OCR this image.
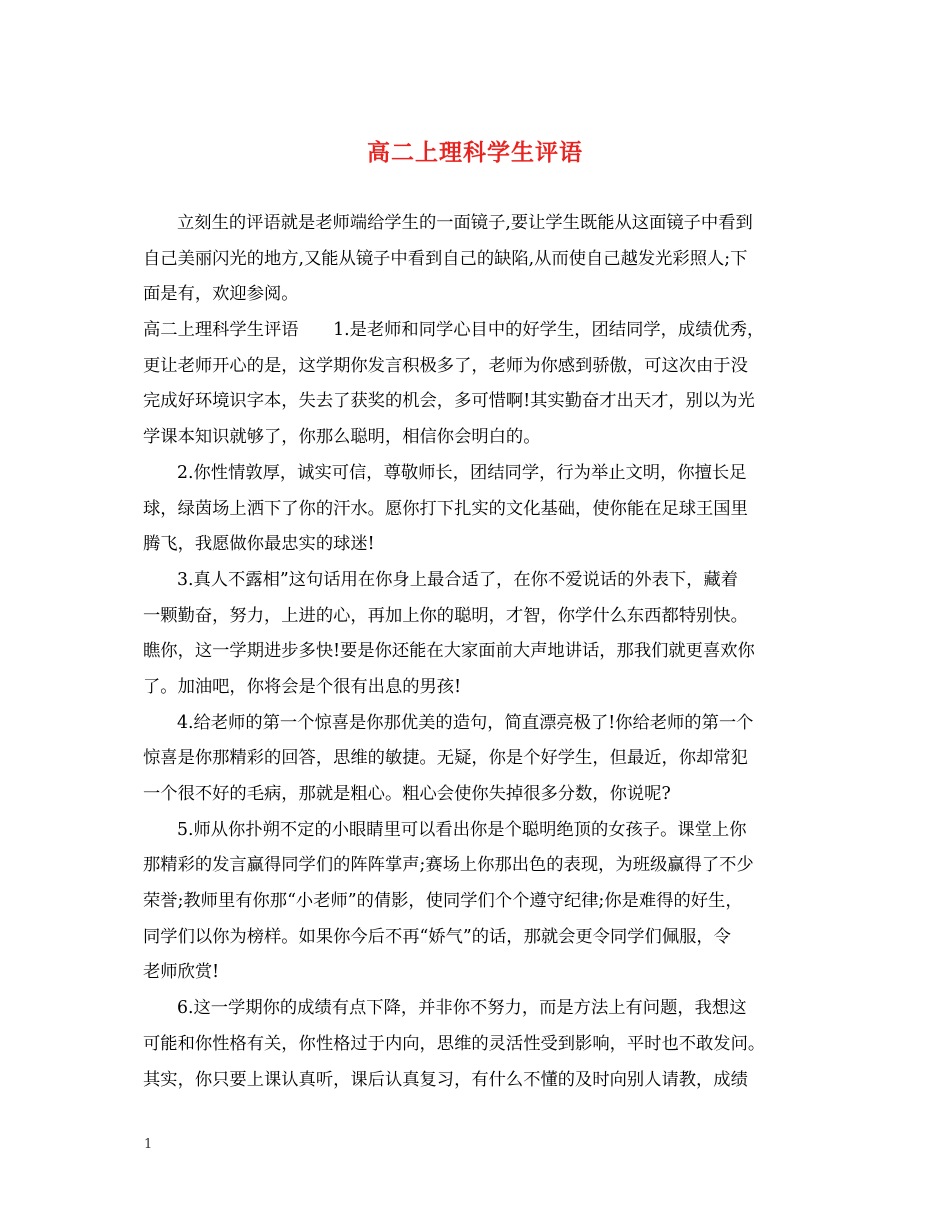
高二上理科学生评语
立刻生的评语就是老师端给学生的一面镜子,要让学生既能从这面镜子中看到
自己美丽闪光的地方,又能从镜子中看到自己的缺陷,从而使自己越发光彩照人;下
面是有，欢迎参阅。
高二上理科学生评语　　1.是老师和同学心目中的好学生，团结同学，成绩优秀，
更让老师开心的是，这学期你发言积极多了，老师为你感到骄傲，可这次由于没
完成好环境识字本，失去了获奖的机会，多可惜啊!其实勤奋才出天才，别以为光
学课本知识就够了，你那么聪明，相信你会明白的。
2.你性情敦厚，诚实可信，尊敬师长，团结同学，行为举止文明，你擅长足
球，绿茵场上洒下了你的汗水。愿你打下扎实的文化基础，使你能在足球王国里
腾飞，我愿做你最忠实的球迷!
3.真人不露相”这句话用在你身上最合适了，在你不爱说话的外表下，藏着
一颗勤奋，努力，上进的心，再加上你的聪明，才智，你学什么东西都特别快。
瞧你，这一学期进步多快!要是你还能在大家面前大声地讲话，那我们就更喜欢你
了。加油吧，你将会是个很有出息的男孩!
4.给老师的第一个惊喜是你那优美的造句，简直漂亮极了!你给老师的第一个
惊喜是你那精彩的回答，思维的敏捷。无疑，你是个好学生，但最近，你却常犯
一个很不好的毛病，那就是粗心。粗心会使你失掉很多分数，你说呢?
5.师从你扑朔不定的小眼睛里可以看出你是个聪明绝顶的女孩子。课堂上你
那精彩的发言赢得同学们的阵阵掌声;赛场上你那出色的表现，为班级赢得了不少
荣誉;教师里有你那“小老师”的倩影，使同学们个个遵守纪律;你是难得的好生，
同学们以你为榜样。如果你今后不再“娇气”的话，那就会更令同学们佩服，令
老师欣赏!
6.这一学期你的成绩有点下降，并非你不努力，而是方法上有问题，我想这
可能和你性格有关，你性格过于内向，思维的灵活性受到影响，平时也不敢发问。
其实，你只要上课认真听，课后认真复习，有什么不懂的及时向别人请教，成绩
1
